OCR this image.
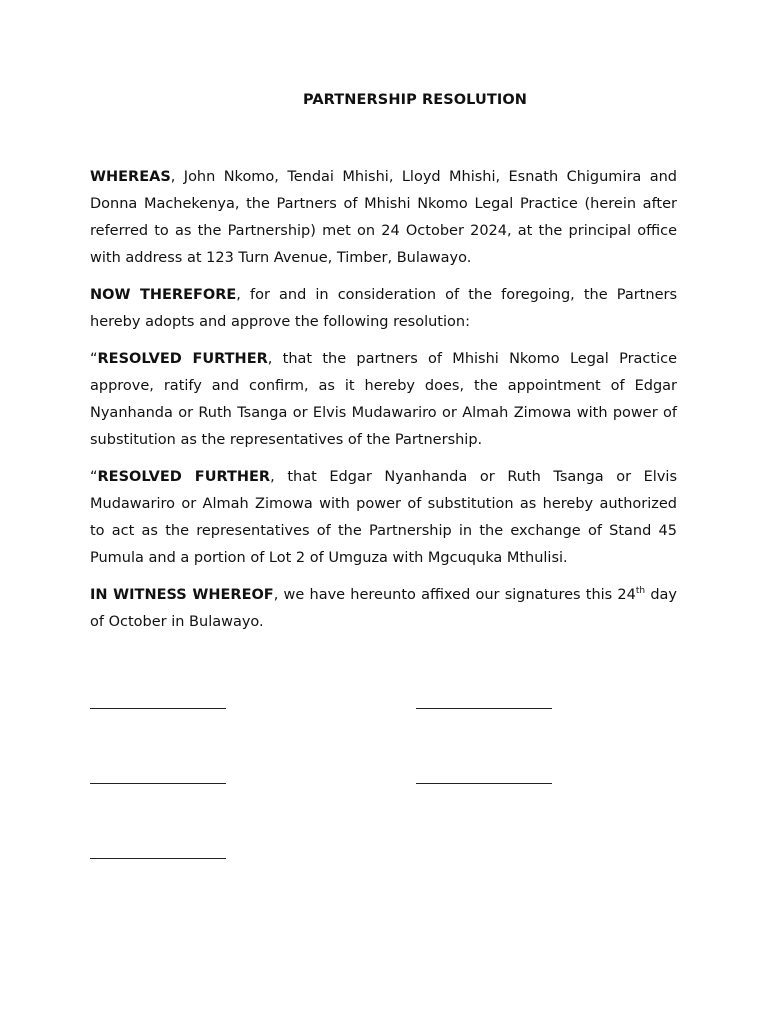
PARTNERSHIP RESOLUTION

WHEREAS, John Nkomo, Tendai Mhishi, Lloyd Mhishi, Esnath Chigumira and Donna Machekenya, the Partners of Mhishi Nkomo Legal Practice (herein after referred to as the Partnership) met on 24 October 2024, at the principal office with address at 123 Turn Avenue, Timber, Bulawayo.

NOW THEREFORE, for and in consideration of the foregoing, the Partners hereby adopts and approve the following resolution:

“RESOLVED FURTHER, that the partners of Mhishi Nkomo Legal Practice approve, ratify and confirm, as it hereby does, the appointment of Edgar Nyanhanda or Ruth Tsanga or Elvis Mudawariro or Almah Zimowa with power of substitution as the representatives of the Partnership.

“RESOLVED FURTHER, that Edgar Nyanhanda or Ruth Tsanga or Elvis Mudawariro or Almah Zimowa with power of substitution as hereby authorized to act as the representatives of the Partnership in the exchange of Stand 45 Pumula and a portion of Lot 2 of Umguza with Mgcuquka Mthulisi.

IN WITNESS WHEREOF, we have hereunto affixed our signatures this 24th day of October in Bulawayo.
